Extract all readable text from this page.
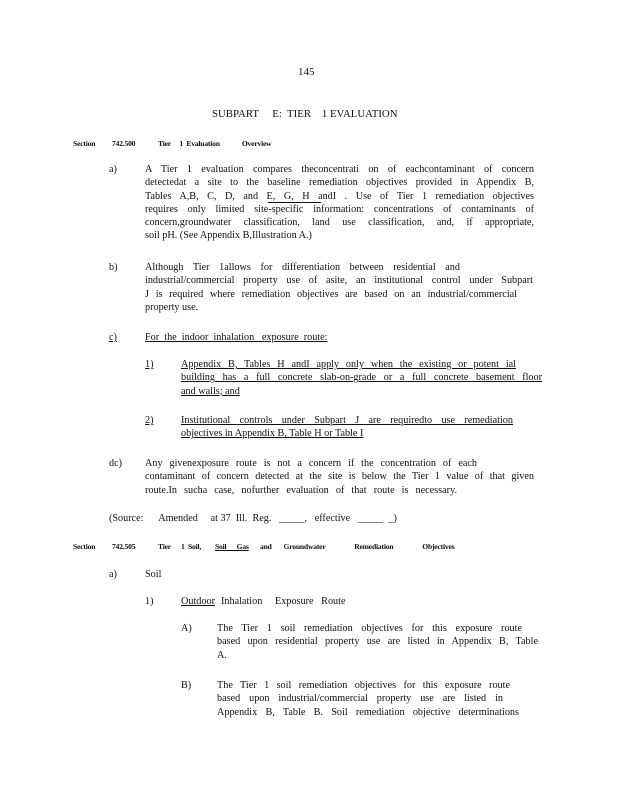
145
SUBPART     E:  TIER    1 EVALUATION
Section 742.500	Tier     1  Evaluation             Overview
a)	A Tier 1 evaluation compares theconcentrati on of eachcontaminant of concern
detectedat a site to the baseline remediation objectives provided in Appendix B,
Tables A,B, C, D, and E, G, H andI . Use of Tier 1 remediation objectives
requires only limited site-specific information: concentrations of contaminants of
concern,groundwater classification, land use classification, and, if appropriate,
soil pH. (See Appendix B,Illustration A.)
b)	Although Tier 1allows for differentiation between residential and
industrial/commercial property use of asite, an institutional control under Subpart
J is required where remediation objectives are based on an industrial/commercial
property use.
c)	For  the  indoor  inhalation   exposure  route:
1)	Appendix B, Tables H andI apply only when the existing or potent ial
building has a full concrete slab-on-grade or a full concrete basement floor
and walls; and
2)	Institutional controls under Subpart J are requiredto use remediation
objectives in Appendix B, Table H or Table I
dc) Any givenexposure route is not a concern if the concentration of each
contaminant of concern detected at the site is below the Tier 1 value of that given
route.In sucha case, nofurther evaluation of that route is necessary.
(Source:      Amended     at 37  Ill.  Reg.   _____,   effective   _____  _)
Section 742.505	Tier      1  Soil, Soil      Gas and       Groundwater                 Remediation                 Objectives
a)	Soil
1)	Outdoor Inhalation     Exposure   Route
A) The Tier 1 soil remediation objectives for this exposure route
based upon residential property use are listed in Appendix B, Table
A.
B)	The Tier 1 soil remediation objectives for this exposure route
based upon industrial/commercial property use are listed in
Appendix B, Table B. Soil remediation objective determinations
